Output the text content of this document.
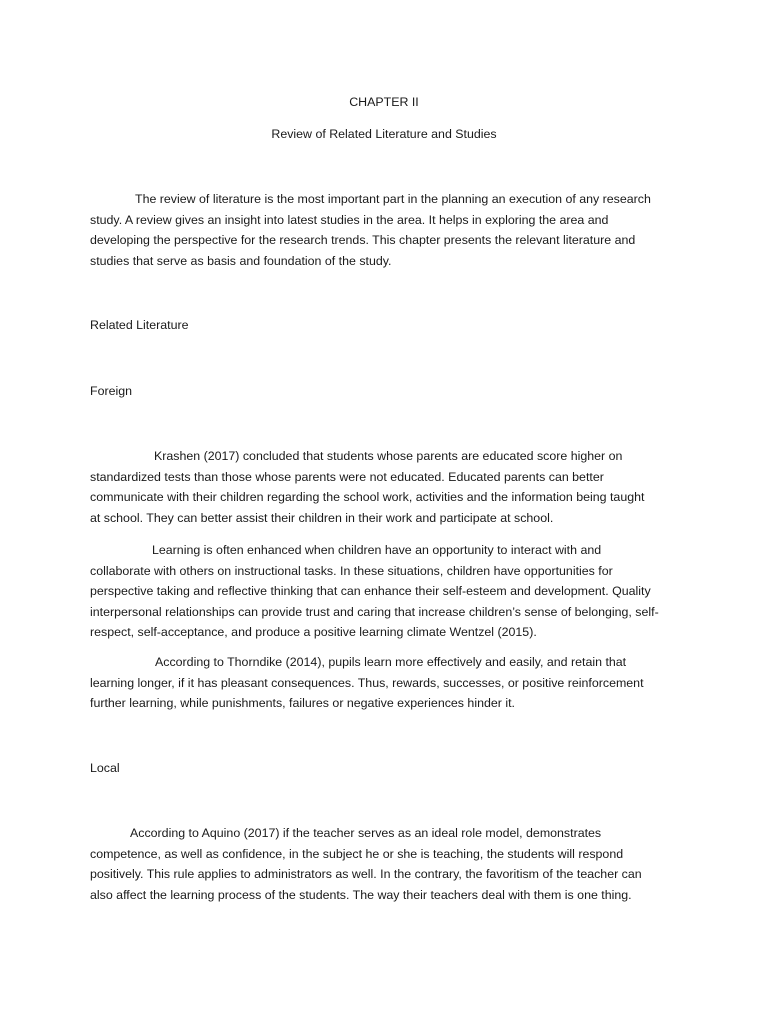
CHAPTER II
Review of Related Literature and Studies
The review of literature is the most important part in the planning an execution of any research
study. A review gives an insight into latest studies in the area. It helps in exploring the area and
developing the perspective for the research trends. This chapter presents the relevant literature and
studies that serve as basis and foundation of the study.
Related Literature
Foreign
Krashen (2017) concluded that students whose parents are educated score higher on
standardized tests than those whose parents were not educated. Educated parents can better
communicate with their children regarding the school work, activities and the information being taught
at school. They can better assist their children in their work and participate at school.
Learning is often enhanced when children have an opportunity to interact with and
collaborate with others on instructional tasks. In these situations, children have opportunities for
perspective taking and reflective thinking that can enhance their self-esteem and development. Quality
interpersonal relationships can provide trust and caring that increase children’s sense of belonging, self-
respect, self-acceptance, and produce a positive learning climate Wentzel (2015).
According to Thorndike (2014), pupils learn more effectively and easily, and retain that
learning longer, if it has pleasant consequences. Thus, rewards, successes, or positive reinforcement
further learning, while punishments, failures or negative experiences hinder it.
Local
According to Aquino (2017) if the teacher serves as an ideal role model, demonstrates
competence, as well as confidence, in the subject he or she is teaching, the students will respond
positively. This rule applies to administrators as well. In the contrary, the favoritism of the teacher can
also affect the learning process of the students. The way their teachers deal with them is one thing.
